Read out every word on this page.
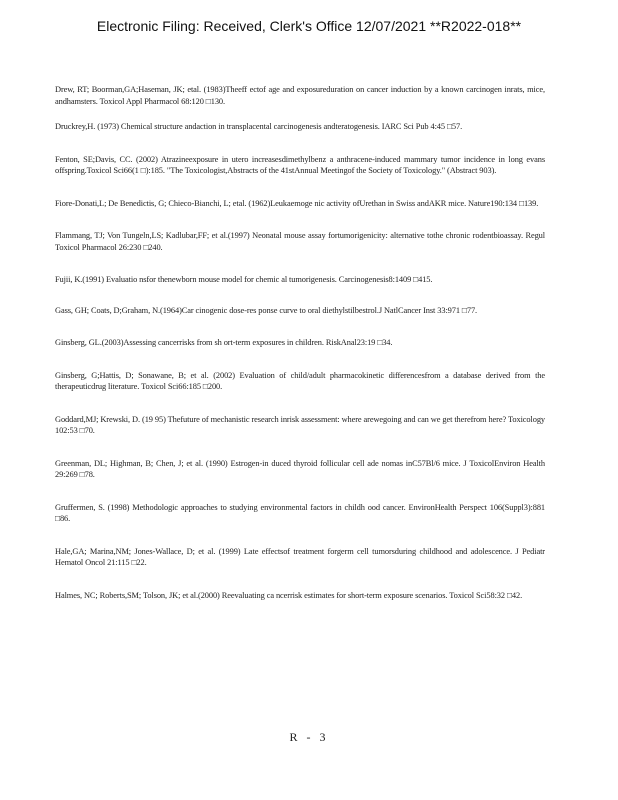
Electronic Filing: Received, Clerk's Office 12/07/2021 **R2022-018**

Drew, RT; Boorman,GA;Haseman, JK; etal. (1983)Theeff ectof age and exposureduration on cancer induction by a known carcinogen inrats, mice, andhamsters. Toxicol Appl Pharmacol 68:120 □130.

Druckrey,H. (1973) Chemical structure andaction in transplacental carcinogenesis andteratogenesis. IARC Sci Pub 4:45 □57.

Fenton, SE;Davis, CC. (2002) Atrazineexposure in utero increasesdimethylbenz a anthracene-induced mammary tumor incidence in long evans offspring.Toxicol Sci66(1 □):185. "The Toxicologist,Abstracts of the 41stAnnual Meetingof the Society of Toxicology." (Abstract 903).

Fiore-Donati,L; De Benedictis, G; Chieco-Bianchi, L; etal. (1962)Leukaemoge nic activity ofUrethan in Swiss andAKR mice. Nature190:134 □139.

Flammang, TJ; Von Tungeln,LS; Kadlubar,FF; et al.(1997) Neonatal mouse assay fortumorigenicity: alternative tothe chronic rodentbioassay. Regul Toxicol Pharmacol 26:230 □240.

Fujii, K.(1991) Evaluatio nsfor thenewborn mouse model for chemic al tumorigenesis. Carcinogenesis8:1409 □415.

Gass, GH; Coats, D;Graham, N.(1964)Car cinogenic dose-res ponse curve to oral diethylstilbestrol.J NatlCancer Inst 33:971 □77.

Ginsberg, GL.(2003)Assessing cancerrisks from sh ort-term exposures in children. RiskAnal23:19 □34.

Ginsberg, G;Hattis, D; Sonawane, B; et al. (2002) Evaluation of child/adult pharmacokinetic differencesfrom a database derived from the therapeuticdrug literature. Toxicol Sci66:185 □200.

Goddard,MJ; Krewski, D. (19 95) Thefuture of mechanistic research inrisk assessment: where arewegoing and can we get therefrom here? Toxicology 102:53 □70.

Greenman, DL; Highman, B; Chen, J; et al. (1990) Estrogen-in duced thyroid follicular cell ade nomas inC57Bl/6 mice. J ToxicolEnviron Health 29:269 □78.

Gruffermen, S. (1998) Methodologic approaches to studying environmental factors in childh ood cancer. EnvironHealth Perspect 106(Suppl3):881 □86.

Hale,GA; Marina,NM; Jones-Wallace, D; et al. (1999) Late effectsof treatment forgerm cell tumorsduring childhood and adolescence. J Pediatr Hematol Oncol 21:115 □22.

Halmes, NC; Roberts,SM; Tolson, JK; et al.(2000) Reevaluating ca ncerrisk estimates for short-term exposure scenarios. Toxicol Sci58:32 □42.

R - 3
